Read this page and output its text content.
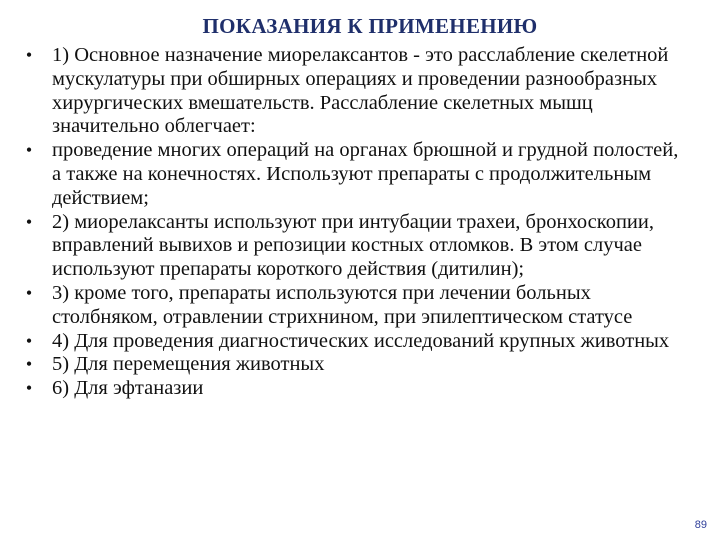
ПОКАЗАНИЯ К ПРИМЕНЕНИЮ
• 1) Основное назначение миорелаксантов - это расслабление скелетной мускулатуры при обширных операциях и проведении разнообразных хирургических вмешательств. Расслабление скелетных мышц значительно облегчает:
• проведение многих операций на органах брюшной и грудной полостей, а также на конечностях. Используют препараты с продолжительным действием;
• 2) миорелаксанты используют при интубации трахеи, бронхоскопии, вправлений вывихов и репозиции костных отломков. В этом случае используют препараты короткого действия (дитилин);
• 3) кроме того, препараты используются при лечении больных столбняком, отравлении стрихнином, при эпилептическом статусе
• 4) Для проведения диагностических исследований крупных животных
• 5) Для перемещения животных
• 6) Для эфтаназии
89
